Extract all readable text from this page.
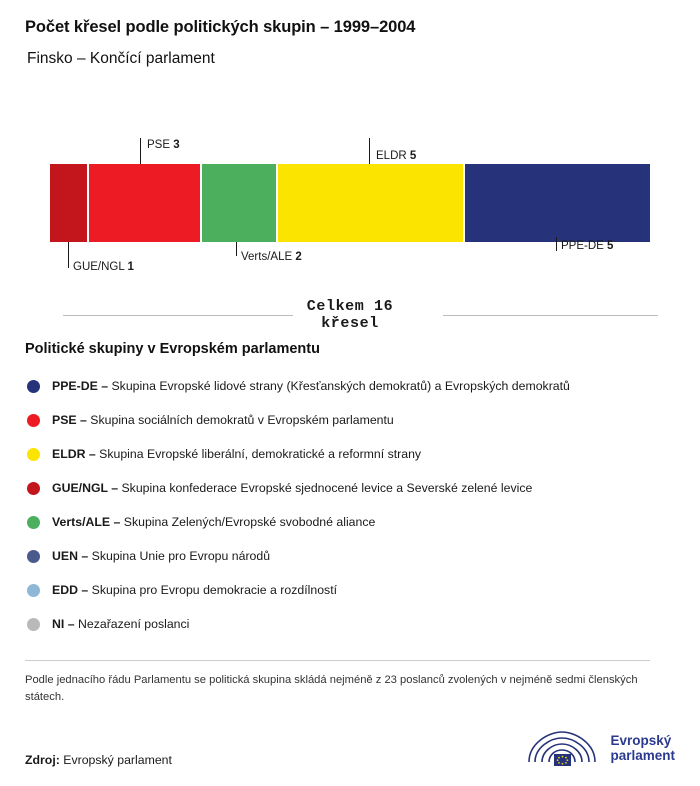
Počet křesel podle politických skupin – 1999–2004
Finsko – Končící parlament
PSE 3
ELDR 5
GUE/NGL 1
Verts/ALE 2
PPE-DE 5
Celkem 16
křesel
Politické skupiny v Evropském parlamentu
PPE-DE – Skupina Evropské lidové strany (Křesťanských demokratů) a Evropských demokratů
PSE – Skupina sociálních demokratů v Evropském parlamentu
ELDR – Skupina Evropské liberální, demokratické a reformní strany
GUE/NGL – Skupina konfederace Evropské sjednocené levice a Severské zelené levice
Verts/ALE – Skupina Zelených/Evropské svobodné aliance
UEN – Skupina Unie pro Evropu národů
EDD – Skupina pro Evropu demokracie a rozdílností
NI – Nezařazení poslanci
Podle jednacího řádu Parlamentu se politická skupina skládá nejméně z 23 poslanců zvolených v nejméně sedmi členských státech.
Zdroj: Evropský parlament
Evropský
parlament
